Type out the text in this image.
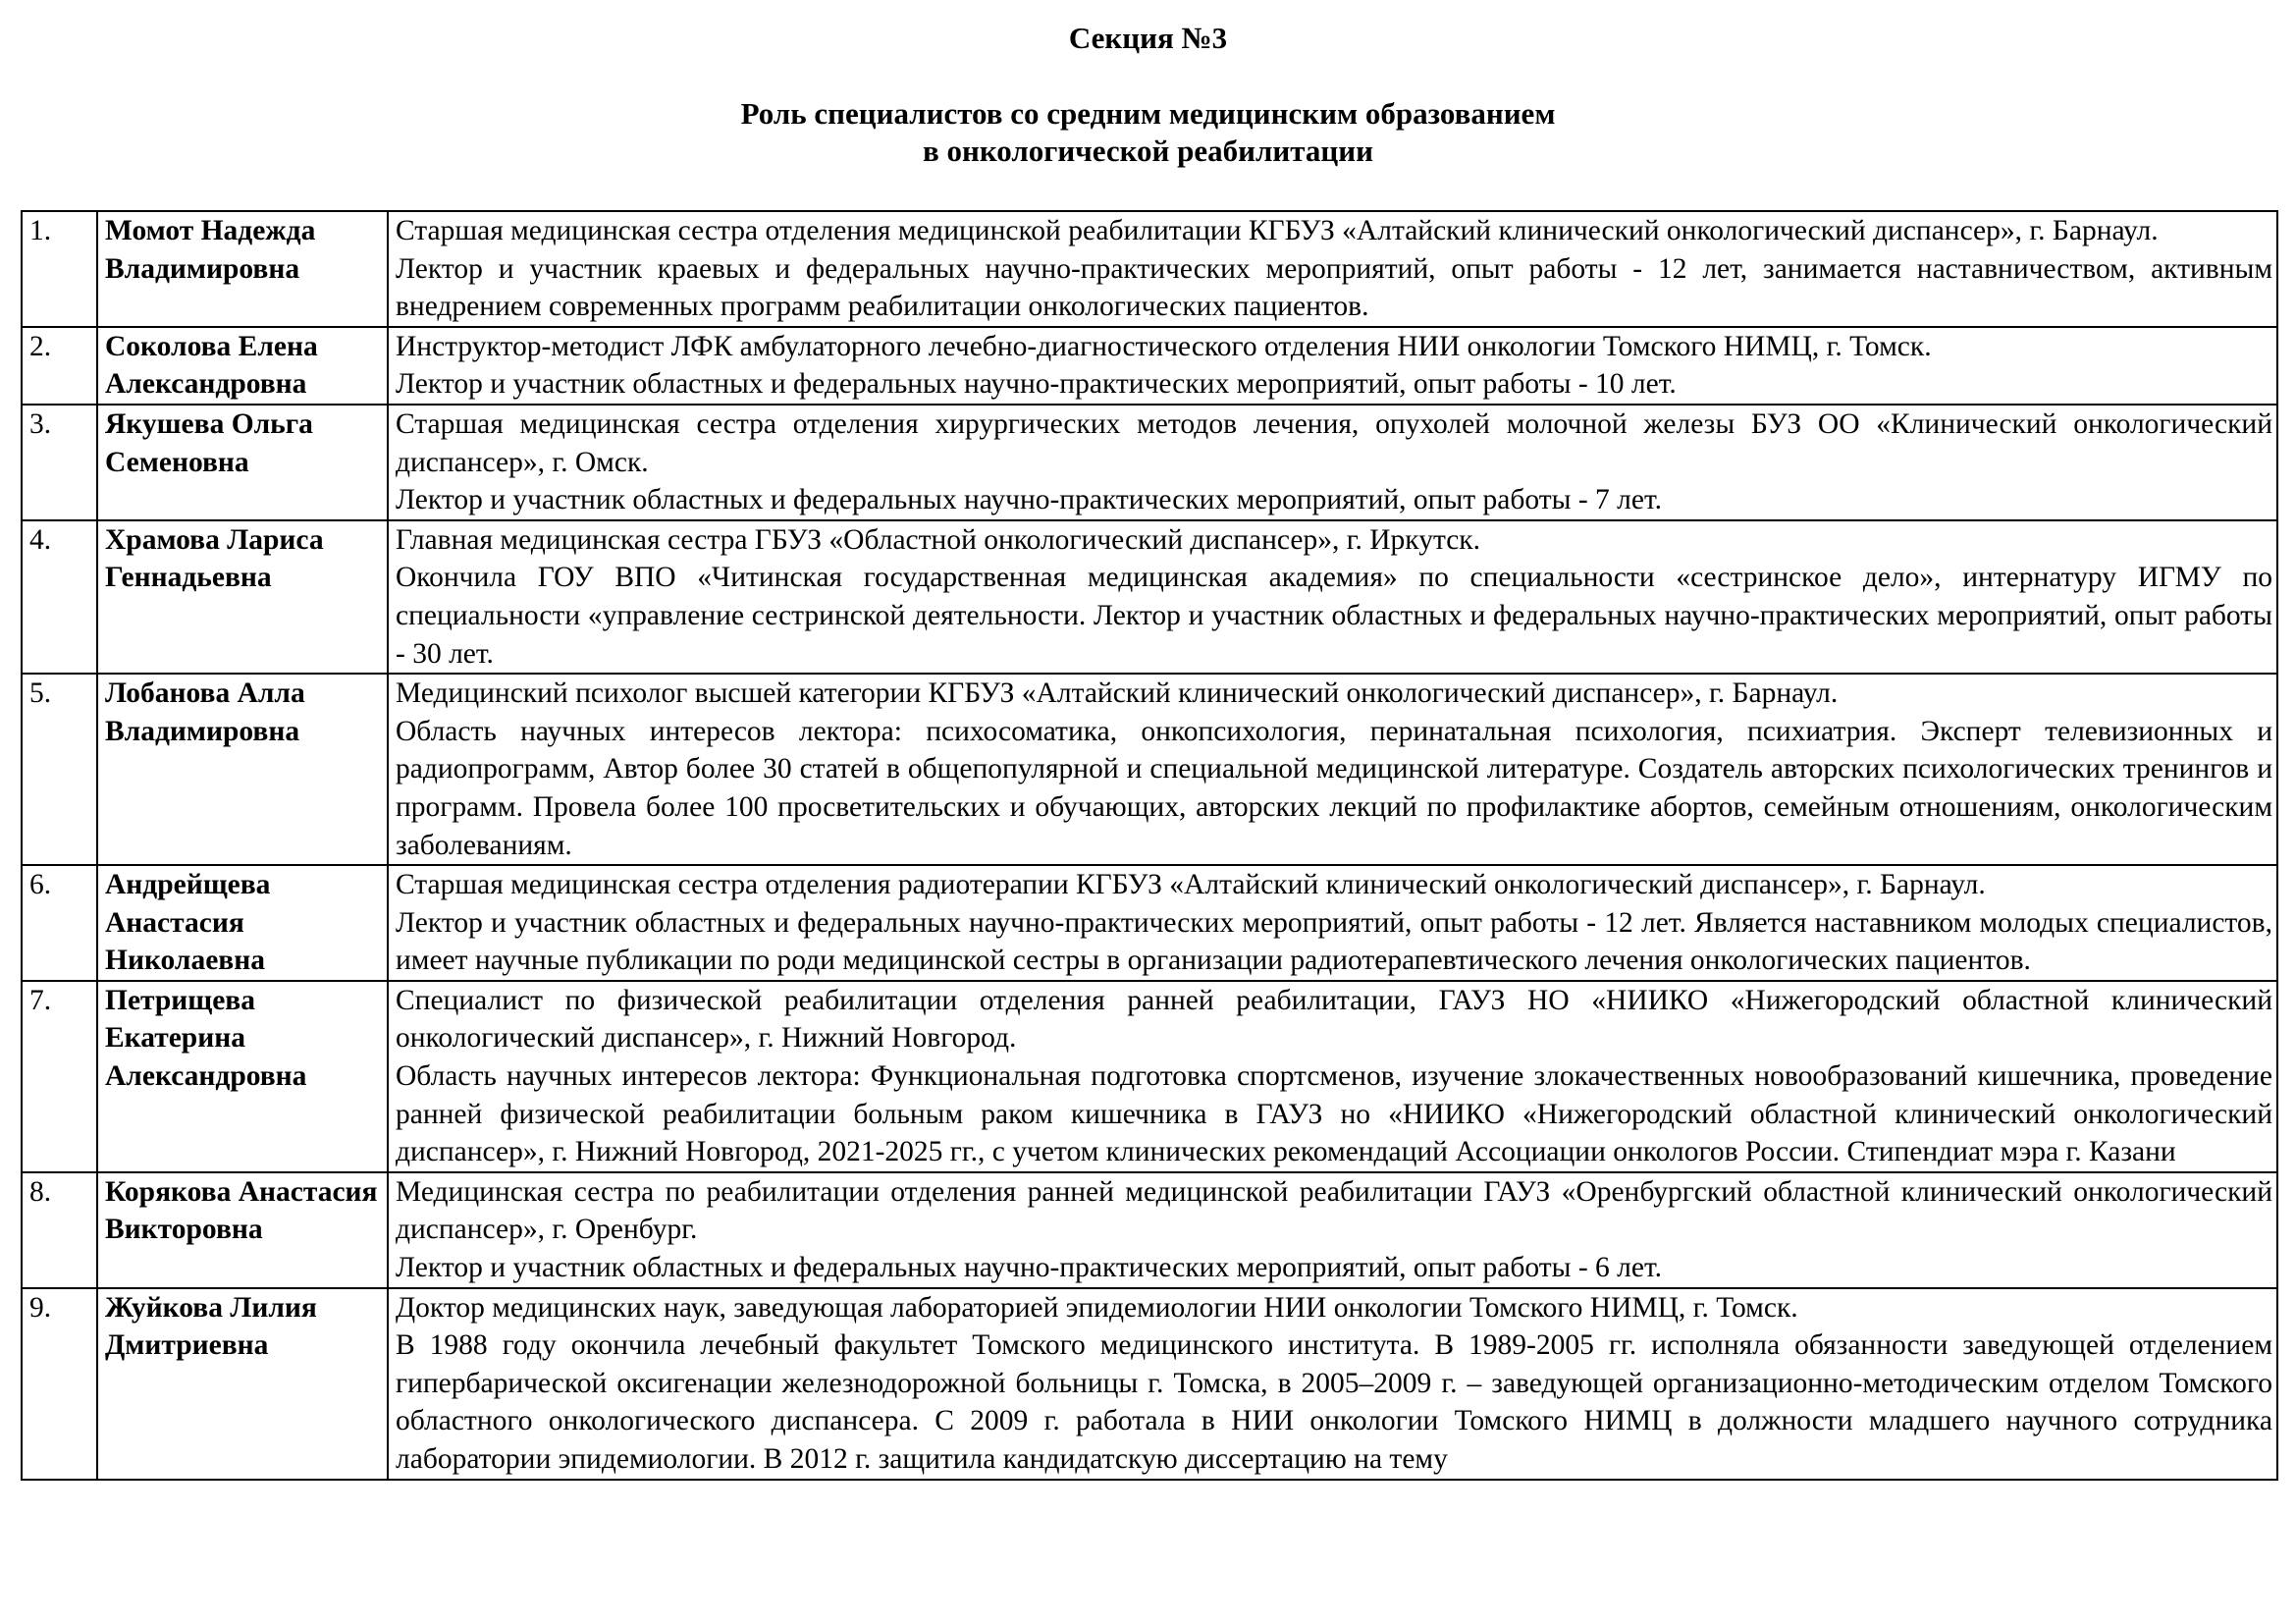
Секция №3
Роль специалистов со средним медицинским образованием
в онкологической реабилитации
1.	Момот Надежда Владимировна	Старшая медицинская сестра отделения медицинской реабилитации КГБУЗ «Алтайский клинический онкологический диспансер», г. Барнаул.

Лектор и участник краевых и федеральных научно-практических мероприятий, опыт работы - 12 лет, занимается наставничеством, активным внедрением современных программ реабилитации онкологических пациентов.

2.	Соколова Елена Александровна	Инструктор-методист ЛФК амбулаторного лечебно-диагностического отделения НИИ онкологии Томского НИМЦ, г. Томск.

Лектор и участник областных и федеральных научно-практических мероприятий, опыт работы - 10 лет.

3.	Якушева Ольга Семеновна	Старшая медицинская сестра отделения хирургических методов лечения, опухолей молочной железы БУЗ ОО «Клинический онкологический диспансер», г. Омск.

Лектор и участник областных и федеральных научно-практических мероприятий, опыт работы - 7 лет.

4.	Храмова Лариса Геннадьевна	Главная медицинская сестра ГБУЗ «Областной онкологический диспансер», г. Иркутск.

Окончила ГОУ ВПО «Читинская государственная медицинская академия» по специальности «сестринское дело», интернатуру ИГМУ по специальности «управление сестринской деятельности. Лектор и участник областных и федеральных научно-практических мероприятий, опыт работы - 30 лет.

5.	Лобанова Алла Владимировна	Медицинский психолог высшей категории КГБУЗ «Алтайский клинический онкологический диспансер», г. Барнаул.

Область научных интересов лектора: психосоматика, онкопсихология, перинатальная психология, психиатрия. Эксперт телевизионных и радиопрограмм, Автор более 30 статей в общепопулярной и специальной медицинской литературе. Создатель авторских психологических тренингов и программ. Провела более 100 просветительских и обучающих, авторских лекций по профилактике абортов, семейным отношениям, онкологическим заболеваниям.

6.	Андрейщева Анастасия Николаевна	Старшая медицинская сестра отделения радиотерапии КГБУЗ «Алтайский клинический онкологический диспансер», г. Барнаул.

Лектор и участник областных и федеральных научно-практических мероприятий, опыт работы - 12 лет. Является наставником молодых специалистов, имеет научные публикации по роди медицинской сестры в организации радиотерапевтического лечения онкологических пациентов.

7.	Петрищева Екатерина Александровна	Специалист по физической реабилитации отделения ранней реабилитации, ГАУЗ НО «НИИКО «Нижегородский областной клинический онкологический диспансер», г. Нижний Новгород.

Область научных интересов лектора: Функциональная подготовка спортсменов, изучение злокачественных новообразований кишечника, проведение ранней физической реабилитации больным раком кишечника в ГАУЗ но «НИИКО «Нижегородский областной клинический онкологический диспансер», г. Нижний Новгород, 2021-2025 гг., с учетом клинических рекомендаций Ассоциации онкологов России. Стипендиат мэра г. Казани

8.	Корякова Анастасия Викторовна	Медицинская сестра по реабилитации отделения ранней медицинской реабилитации ГАУЗ «Оренбургский областной клинический онкологический диспансер», г. Оренбург.

Лектор и участник областных и федеральных научно-практических мероприятий, опыт работы - 6 лет.

9.	Жуйкова Лилия Дмитриевна	Доктор медицинских наук, заведующая лабораторией эпидемиологии НИИ онкологии Томского НИМЦ, г. Томск.

В 1988 году окончила лечебный факультет Томского медицинского института. В 1989-2005 гг. исполняла обязанности заведующей отделением гипербарической оксигенации железнодорожной больницы г. Томска, в 2005–2009 г. – заведующей организационно-методическим отделом Томского областного онкологического диспансера. С 2009 г. работала в НИИ онкологии Томского НИМЦ в должности младшего научного сотрудника лаборатории эпидемиологии. В 2012 г. защитила кандидатскую диссертацию на тему
